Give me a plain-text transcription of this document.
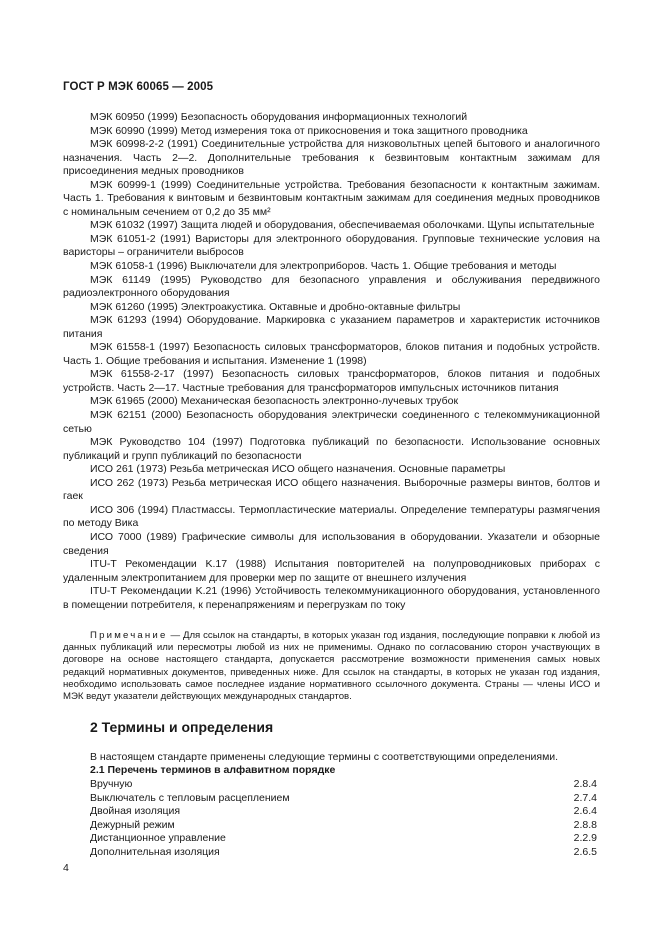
ГОСТ Р МЭК 60065 — 2005

МЭК 60950 (1999) Безопасность оборудования информационных технологий

МЭК 60990 (1999) Метод измерения тока от прикосновения и тока защитного проводника

МЭК 60998-2-2 (1991) Соединительные устройства для низковольтных цепей бытового и аналогичного назначения. Часть 2—2. Дополнительные требования к безвинтовым контактным зажимам для присоединения медных проводников

МЭК 60999-1 (1999) Соединительные устройства. Требования безопасности к контактным зажимам. Часть 1. Требования к винтовым и безвинтовым контактным зажимам для соединения медных проводников с номинальным сечением от 0,2 до 35 мм²

МЭК 61032 (1997) Защита людей и оборудования, обеспечиваемая оболочками. Щупы испытательные

МЭК 61051-2 (1991) Варисторы для электронного оборудования. Групповые технические условия на варисторы – ограничители выбросов

МЭК 61058-1 (1996) Выключатели для электроприборов. Часть 1. Общие требования и методы

МЭК 61149 (1995) Руководство для безопасного управления и обслуживания передвижного радиоэлектронного оборудования

МЭК 61260 (1995) Электроакустика. Октавные и дробно-октавные фильтры

МЭК 61293 (1994) Оборудование. Маркировка с указанием параметров и характеристик источников питания

МЭК 61558-1 (1997) Безопасность силовых трансформаторов, блоков питания и подобных устройств. Часть 1. Общие требования и испытания. Изменение 1 (1998)

МЭК 61558-2-17 (1997) Безопасность силовых трансформаторов, блоков питания и подобных устройств. Часть 2—17. Частные требования для трансформаторов импульсных источников питания

МЭК 61965 (2000) Механическая безопасность электронно-лучевых трубок

МЭК 62151 (2000) Безопасность оборудования электрически соединенного с телекоммуникационной сетью

МЭК Руководство 104 (1997) Подготовка публикаций по безопасности. Использование основных публикаций и групп публикаций по безопасности

ИСО 261 (1973) Резьба метрическая ИСО общего назначения. Основные параметры

ИСО 262 (1973) Резьба метрическая ИСО общего назначения. Выборочные размеры винтов, болтов и гаек

ИСО 306 (1994) Пластмассы. Термопластические материалы. Определение температуры размягчения по методу Вика

ИСО 7000 (1989) Графические символы для использования в оборудовании. Указатели и обзорные сведения

ITU-T Рекомендации K.17 (1988) Испытания повторителей на полупроводниковых приборах с удаленным электропитанием для проверки мер по защите от внешнего излучения

ITU-T Рекомендации K.21 (1996) Устойчивость телекоммуникационного оборудования, установленного в помещении потребителя, к перенапряжениям и перегрузкам по току

Примечание — Для ссылок на стандарты, в которых указан год издания, последующие поправки к любой из данных публикаций или пересмотры любой из них не применимы. Однако по согласованию сторон участвующих в договоре на основе настоящего стандарта, допускается рассмотрение возможности применения самых новых редакций нормативных документов, приведенных ниже. Для ссылок на стандарты, в которых не указан год издания, необходимо использовать самое последнее издание нормативного ссылочного документа. Страны — члены ИСО и МЭК ведут указатели действующих международных стандартов.
2 Термины и определения
В настоящем стандарте применены следующие термины с соответствующими определениями.
2.1 Перечень терминов в алфавитном порядке
Вручную	2.8.4
Выключатель с тепловым расцеплением	2.7.4
Двойная изоляция	2.6.4
Дежурный режим	2.8.8
Дистанционное управление	2.2.9
Дополнительная изоляция	2.6.5
4
